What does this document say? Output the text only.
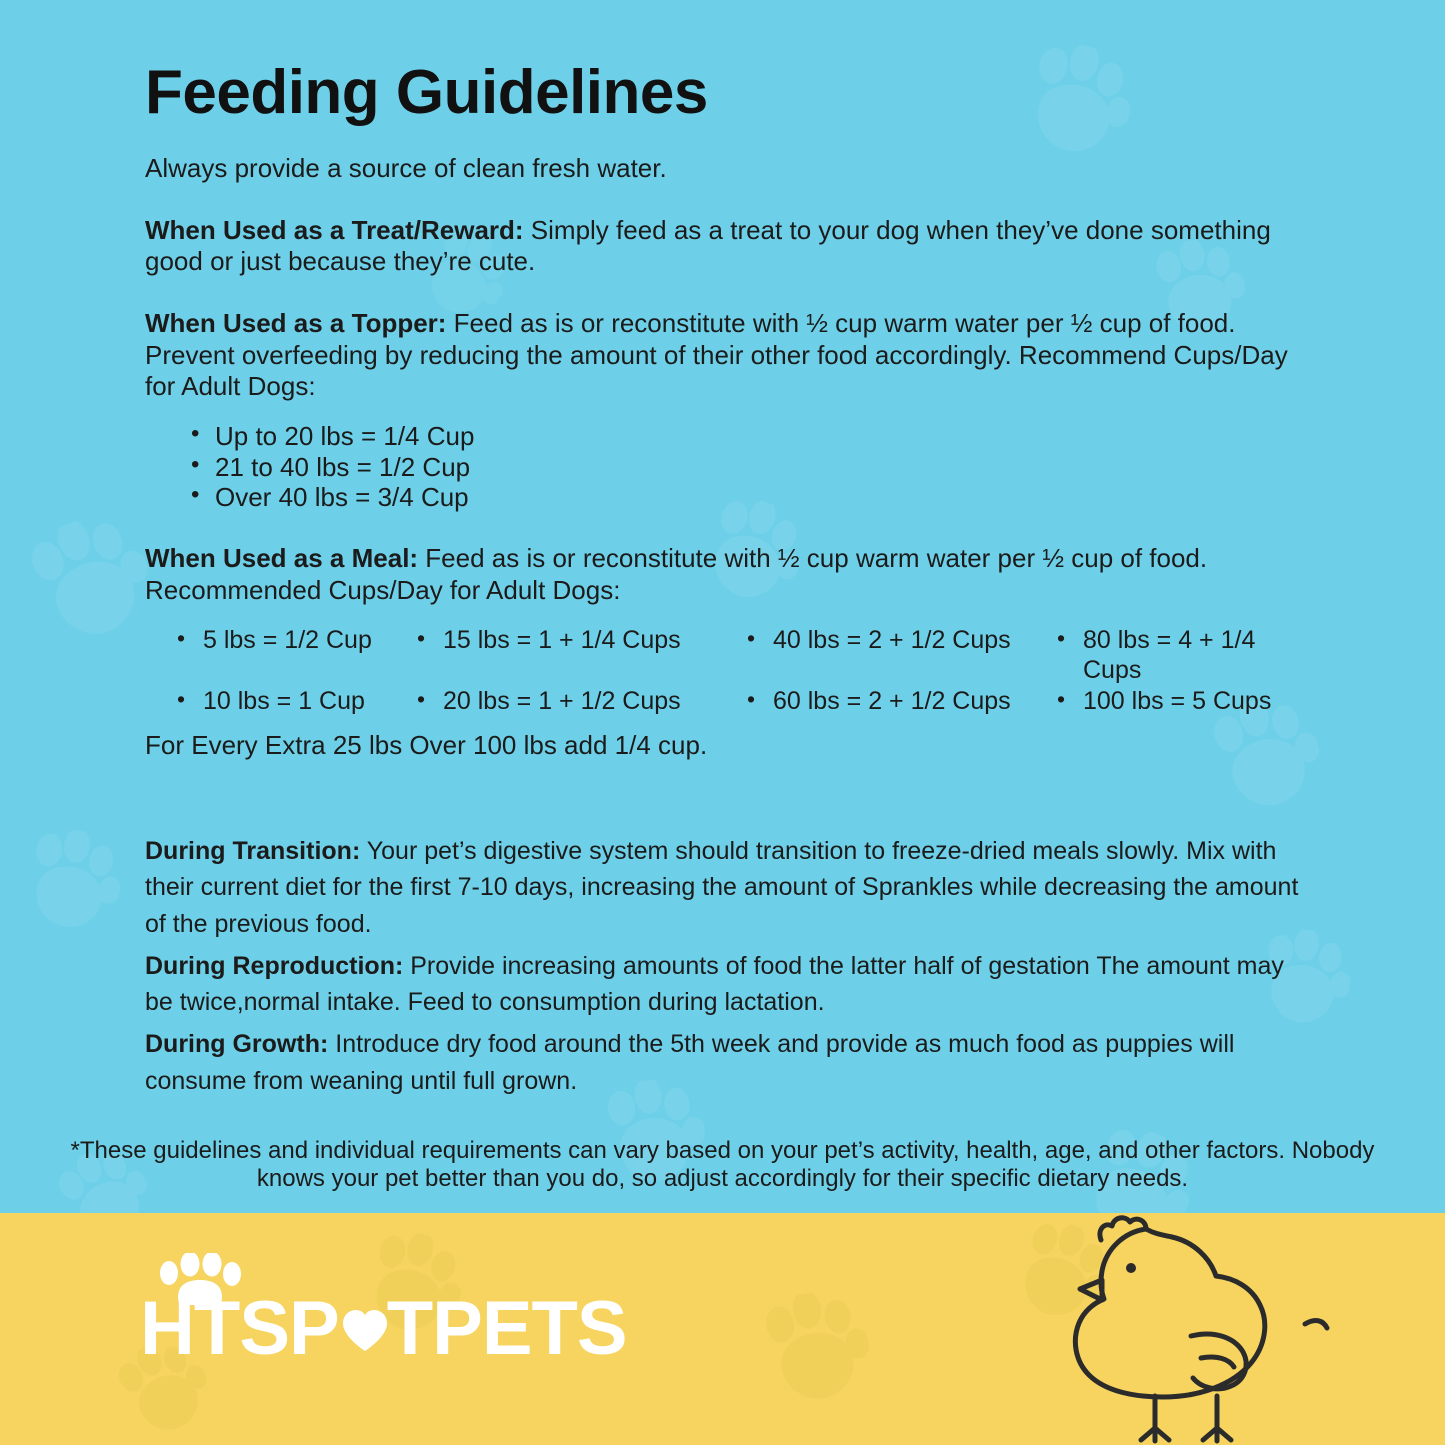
Feeding Guidelines

Always provide a source of clean fresh water.

When Used as a Treat/Reward: Simply feed as a treat to your dog when they’ve done something good or just because they’re cute.

When Used as a Topper: Feed as is or reconstitute with ½ cup warm water per ½ cup of food. Prevent overfeeding by reducing the amount of their other food accordingly. Recommend Cups/Day for Adult Dogs:

• Up to 20 lbs = 1/4 Cup
• 21 to 40 lbs = 1/2 Cup
• Over 40 lbs = 3/4 Cup

When Used as a Meal: Feed as is or reconstitute with ½ cup warm water per ½ cup of food. Recommended Cups/Day for Adult Dogs:

• 5 lbs = 1/2 Cup	• 15 lbs = 1 + 1/4 Cups	• 40 lbs = 2 + 1/2 Cups	• 80 lbs = 4 + 1/4 Cups
• 10 lbs = 1 Cup	• 20 lbs = 1 + 1/2 Cups	• 60 lbs = 2 + 1/2 Cups	• 100 lbs = 5 Cups

For Every Extra 25 lbs Over 100 lbs add 1/4 cup.

During Transition: Your pet’s digestive system should transition to freeze-dried meals slowly. Mix with their current diet for the first 7-10 days, increasing the amount of Sprankles while decreasing the amount of the previous food.

During Reproduction: Provide increasing amounts of food the latter half of gestation The amount may be twice,normal intake. Feed to consumption during lactation.

During Growth: Introduce dry food around the 5th week and provide as much food as puppies will consume from weaning until full grown.

*These guidelines and individual requirements can vary based on your pet’s activity, health, age, and other factors. Nobody knows your pet better than you do, so adjust accordingly for their specific dietary needs.

H TSP TPETS
